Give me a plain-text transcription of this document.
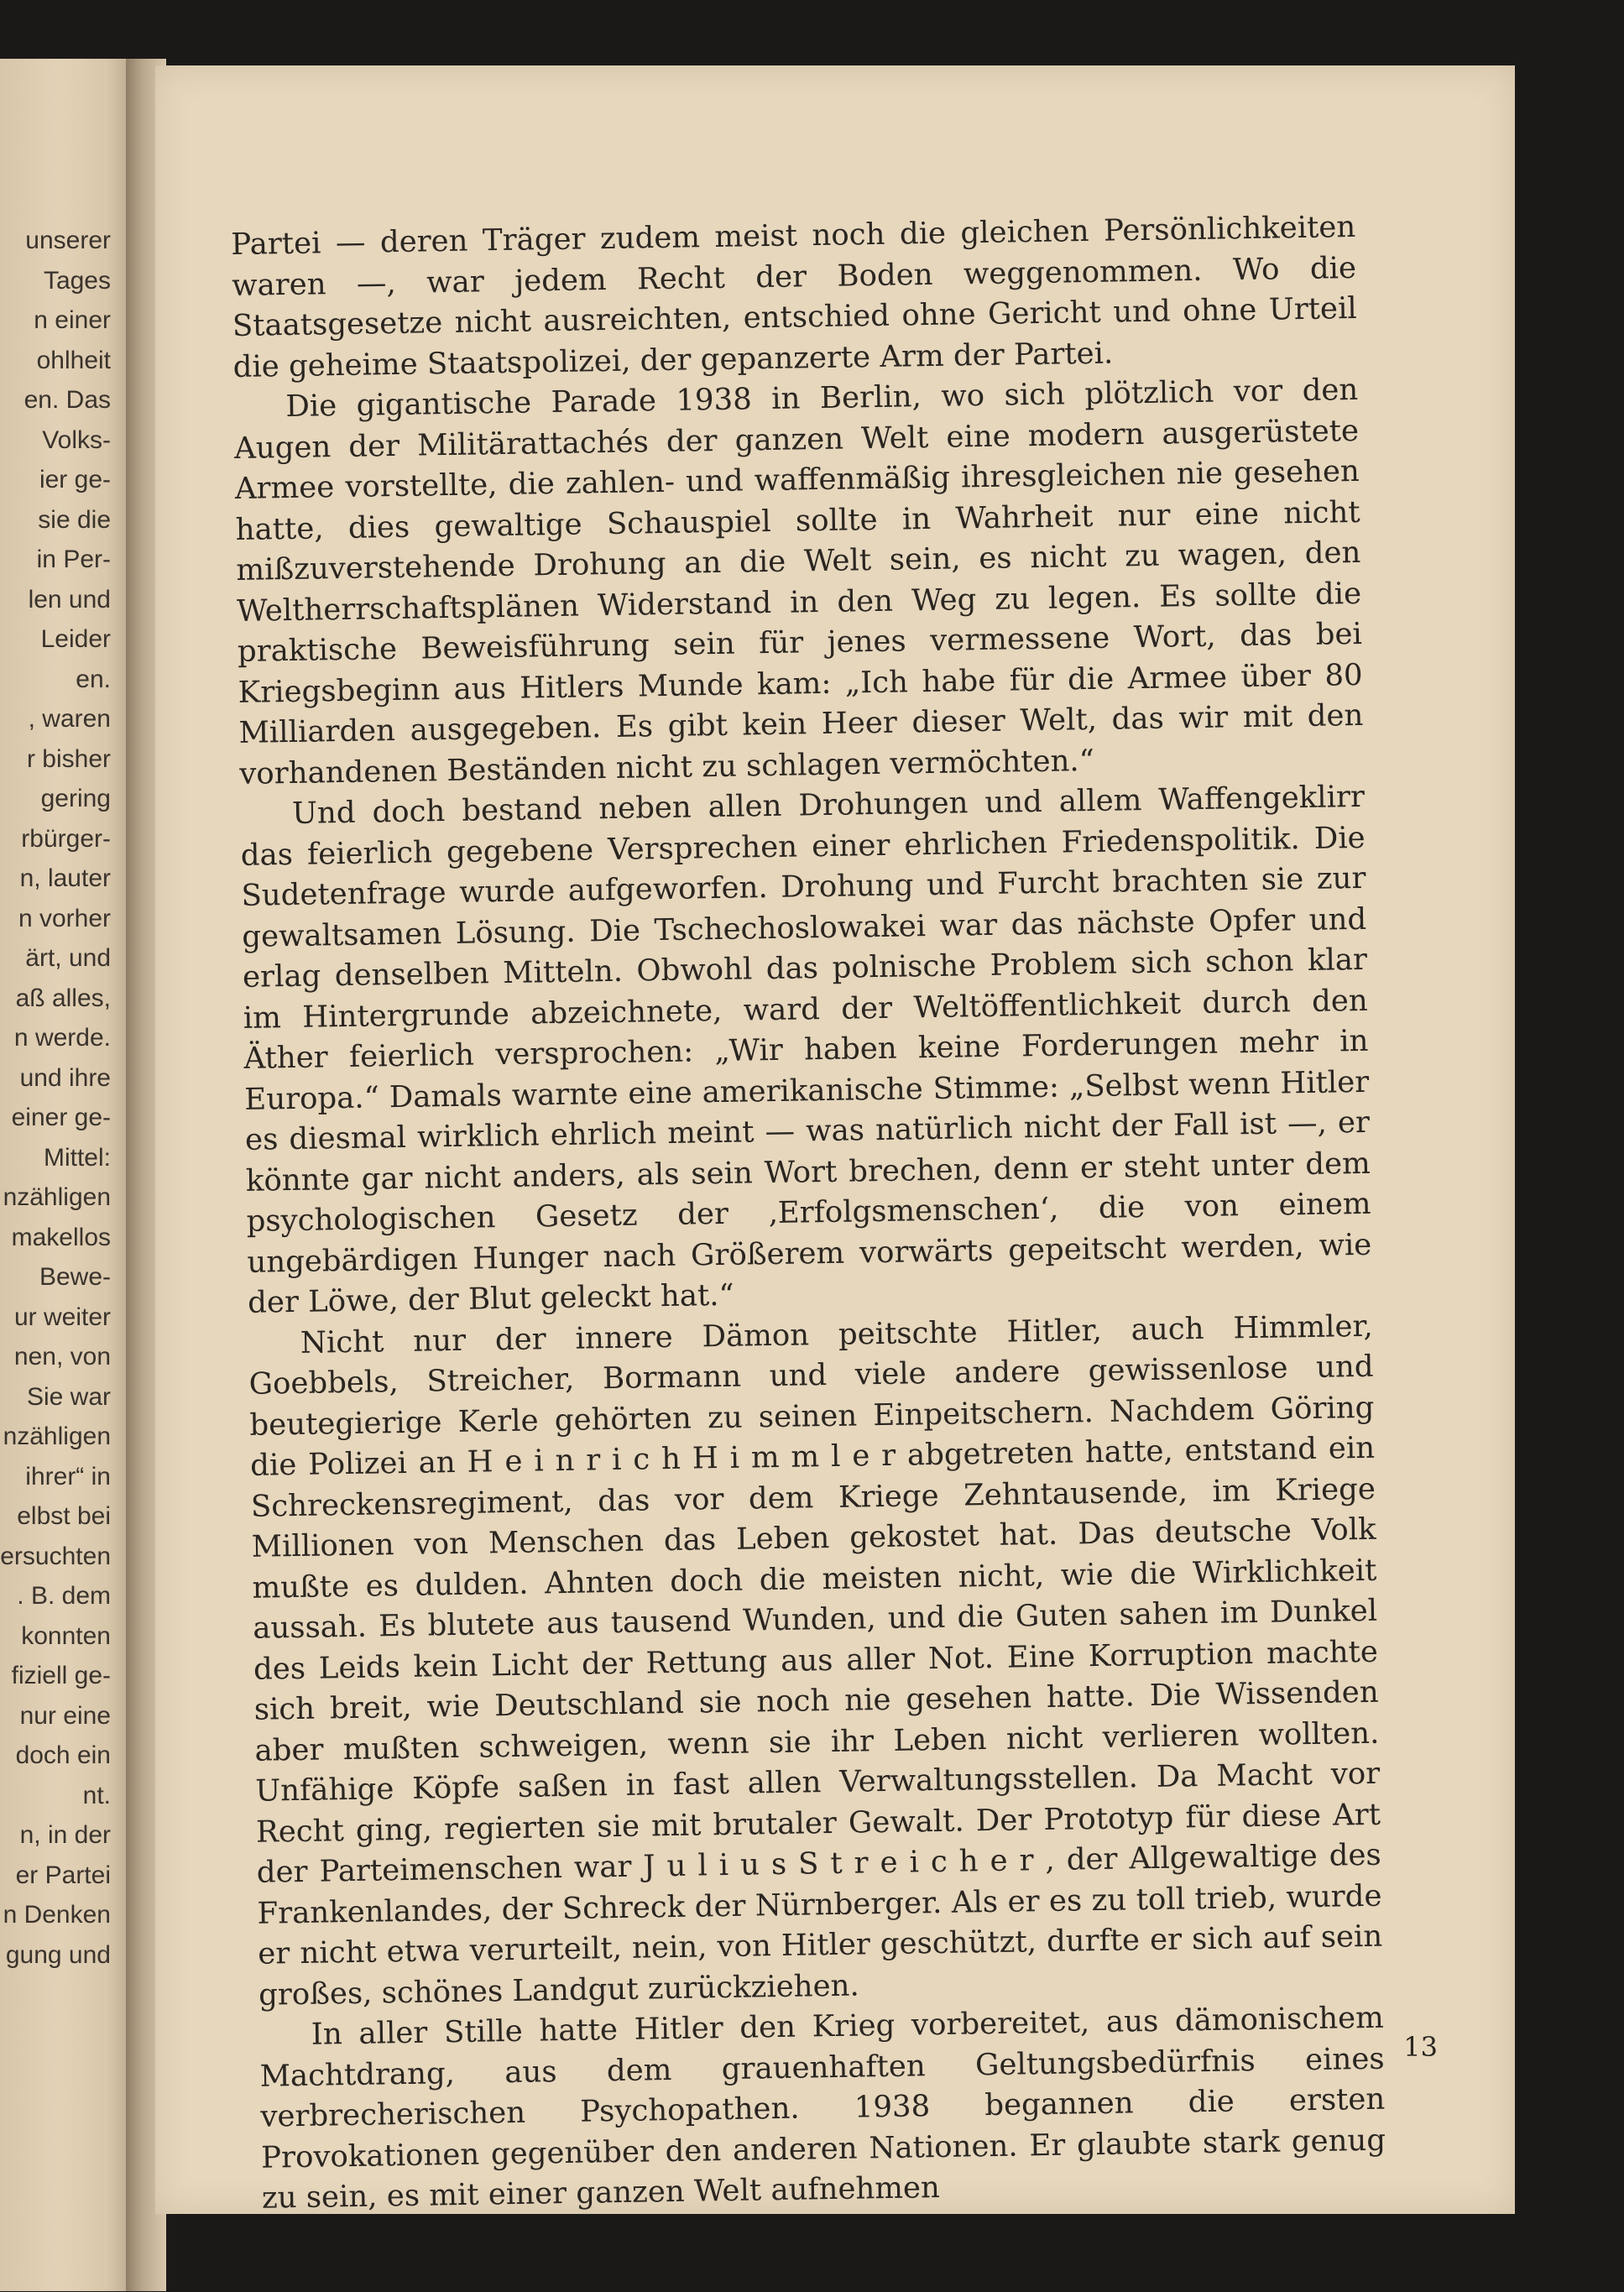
unserer
Tages
n einer
ohlheit
en. Das
Volks-
ier ge-
sie die
in Per-
len und
Leider
en.
, waren
r bisher
gering
rbürger-
n, lauter
n vorher
ärt, und
aß alles,
n werde.
und ihre
einer ge-
Mittel:
nzähligen
makellos
Bewe-
ur weiter
nen, von
Sie war
nzähligen
ihrer“ in
elbst bei
ersuchten
. B. dem
konnten
fiziell ge-
nur eine
doch ein
nt.
n, in der
er Partei
n Denken
gung und

Partei — deren Träger zudem meist noch die gleichen Persönlichkeiten waren —, war jedem Recht der Boden weggenommen. Wo die Staatsgesetze nicht ausreichten, entschied ohne Gericht und ohne Urteil die geheime Staatspolizei, der gepanzerte Arm der Partei.

Die gigantische Parade 1938 in Berlin, wo sich plötzlich vor den Augen der Militärattachés der ganzen Welt eine modern ausgerüstete Armee vorstellte, die zahlen- und waffenmäßig ihresgleichen nie gesehen hatte, dies gewaltige Schauspiel sollte in Wahrheit nur eine nicht mißzuverstehende Drohung an die Welt sein, es nicht zu wagen, den Weltherrschaftsplänen Widerstand in den Weg zu legen. Es sollte die praktische Beweisführung sein für jenes vermessene Wort, das bei Kriegsbeginn aus Hitlers Munde kam: „Ich habe für die Armee über 80 Milliarden ausgegeben. Es gibt kein Heer dieser Welt, das wir mit den vorhandenen Beständen nicht zu schlagen vermöchten.“

Und doch bestand neben allen Drohungen und allem Waffengeklirr das feierlich gegebene Versprechen einer ehrlichen Friedenspolitik. Die Sudetenfrage wurde aufgeworfen. Drohung und Furcht brachten sie zur gewaltsamen Lösung. Die Tschechoslowakei war das nächste Opfer und erlag denselben Mitteln. Obwohl das polnische Problem sich schon klar im Hintergrunde abzeichnete, ward der Weltöffentlichkeit durch den Äther feierlich versprochen: „Wir haben keine Forderungen mehr in Europa.“ Damals warnte eine amerikanische Stimme: „Selbst wenn Hitler es diesmal wirklich ehrlich meint — was natürlich nicht der Fall ist —, er könnte gar nicht anders, als sein Wort brechen, denn er steht unter dem psychologischen Gesetz der ‚Erfolgsmenschen‘, die von einem ungebärdigen Hunger nach Größerem vorwärts gepeitscht werden, wie der Löwe, der Blut geleckt hat.“

Nicht nur der innere Dämon peitschte Hitler, auch Himmler, Goebbels, Streicher, Bormann und viele andere gewissenlose und beutegierige Kerle gehörten zu seinen Einpeitschern. Nachdem Göring die Polizei an H e i n r i c h H i m m l e r abgetreten hatte, entstand ein Schreckensregiment, das vor dem Kriege Zehntausende, im Kriege Millionen von Menschen das Leben gekostet hat. Das deutsche Volk mußte es dulden. Ahnten doch die meisten nicht, wie die Wirklichkeit aussah. Es blutete aus tausend Wunden, und die Guten sahen im Dunkel des Leids kein Licht der Rettung aus aller Not. Eine Korruption machte sich breit, wie Deutschland sie noch nie gesehen hatte. Die Wissenden aber mußten schweigen, wenn sie ihr Leben nicht verlieren wollten. Unfähige Köpfe saßen in fast allen Verwaltungsstellen. Da Macht vor Recht ging, regierten sie mit brutaler Gewalt. Der Prototyp für diese Art der Parteimenschen war J u l i u s S t r e i c h e r , der Allgewaltige des Frankenlandes, der Schreck der Nürnberger. Als er es zu toll trieb, wurde er nicht etwa verurteilt, nein, von Hitler geschützt, durfte er sich auf sein großes, schönes Landgut zurückziehen.

In aller Stille hatte Hitler den Krieg vorbereitet, aus dämonischem Machtdrang, aus dem grauenhaften Geltungsbedürfnis eines verbrecherischen Psychopathen. 1938 begannen die ersten Provokationen gegenüber den anderen Nationen. Er glaubte stark genug zu sein, es mit einer ganzen Welt aufnehmen

13
